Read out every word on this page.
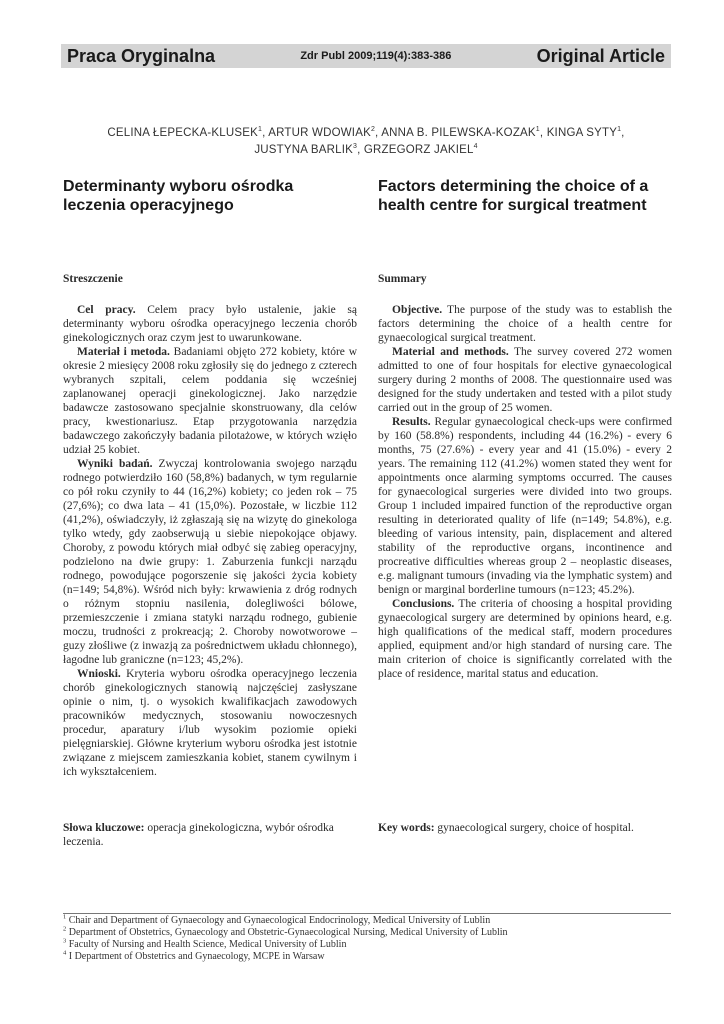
Praca Oryginalna	Zdr Publ 2009;119(4):383-386	Original Article
CELINA ŁEPECKA-KLUSEK$^1$, ARTUR WDOWIAK$^2$, ANNA B. PILEWSKA-KOZAK$^1$, KINGA SYTY$^1$,
JUSTYNA BARLIK$^3$, GRZEGORZ JAKIEL$^4$
Determinanty wyboru ośrodka leczenia operacyjnego
Factors determining the choice of a health centre for surgical treatment
Streszczenie

Cel pracy. Celem pracy było ustalenie, jakie są determinanty wyboru ośrodka operacyjnego leczenia chorób ginekologicznych oraz czym jest to uwarunkowane.

Materiał i metoda. Badaniami objęto 272 kobiety, które w okresie 2 miesięcy 2008 roku zgłosiły się do jednego z czterech wybranych szpitali, celem poddania się wcześniej zaplanowanej operacji ginekologicznej. Jako narzędzie badawcze zastosowano specjalnie skonstruowany, dla celów pracy, kwestionariusz. Etap przygotowania narzędzia badawczego zakończyły badania pilotażowe, w których wzięło udział 25 kobiet.

Wyniki badań. Zwyczaj kontrolowania swojego narządu rodnego potwierdziło 160 (58,8%) badanych, w tym regularnie co pół roku czyniły to 44 (16,2%) kobiety; co jeden rok – 75 (27,6%); co dwa lata – 41 (15,0%). Pozostałe, w liczbie 112 (41,2%), oświadczyły, iż zgłaszają się na wizytę do ginekologa tylko wtedy, gdy zaobserwują u siebie niepokojące objawy. Choroby, z powodu których miał odbyć się zabieg operacyjny, podzielono na dwie grupy: 1. Zaburzenia funkcji narządu rodnego, powodujące pogorszenie się jakości życia kobiety (n=149; 54,8%). Wśród nich były: krwawienia z dróg rodnych o różnym stopniu nasilenia, dolegliwości bólowe, przemieszczenie i zmiana statyki narządu rodnego, gubienie moczu, trudności z prokreacją; 2. Choroby nowotworowe – guzy złośliwe (z inwazją za pośrednictwem układu chłonnego), łagodne lub graniczne (n=123; 45,2%).

Wnioski. Kryteria wyboru ośrodka operacyjnego leczenia chorób ginekologicznych stanowią najczęściej zasłyszane opinie o nim, tj. o wysokich kwalifikacjach zawodowych pracowników medycznych, stosowaniu nowoczesnych procedur, aparatury i/lub wysokim poziomie opieki pielęgniarskiej. Główne kryterium wyboru ośrodka jest istotnie związane z miejscem zamieszkania kobiet, stanem cywilnym i ich wykształceniem.

Summary

Objective. The purpose of the study was to establish the factors determining the choice of a health centre for gynaecological surgical treatment.

Material and methods. The survey covered 272 women admitted to one of four hospitals for elective gynaecological surgery during 2 months of 2008. The questionnaire used was designed for the study undertaken and tested with a pilot study carried out in the group of 25 women.

Results. Regular gynaecological check-ups were confirmed by 160 (58.8%) respondents, including 44 (16.2%) - every 6 months, 75 (27.6%) - every year and 41 (15.0%) - every 2 years. The remaining 112 (41.2%) women stated they went for appointments once alarming symptoms occurred. The causes for gynaecological surgeries were divided into two groups. Group 1 included impaired function of the reproductive organ resulting in deteriorated quality of life (n=149; 54.8%), e.g. bleeding of various intensity, pain, displacement and altered stability of the reproductive organs, incontinence and procreative difficulties whereas group 2 – neoplastic diseases, e.g. malignant tumours (invading via the lymphatic system) and benign or marginal borderline tumours (n=123; 45.2%).

Conclusions. The criteria of choosing a hospital providing gynaecological surgery are determined by opinions heard, e.g. high qualifications of the medical staff, modern procedures applied, equipment and/or high standard of nursing care. The main criterion of choice is significantly correlated with the place of residence, marital status and education.

Słowa kluczowe: operacja ginekologiczna, wybór ośrodka leczenia.
Key words: gynaecological surgery, choice of hospital.
$^1$ Chair and Department of Gynaecology and Gynaecological Endocrinology, Medical University of Lublin
$^2$ Department of Obstetrics, Gynaecology and Obstetric-Gynaecological Nursing, Medical University of Lublin
$^3$ Faculty of Nursing and Health Science, Medical University of Lublin
$^4$ I Department of Obstetrics and Gynaecology, MCPE in Warsaw
